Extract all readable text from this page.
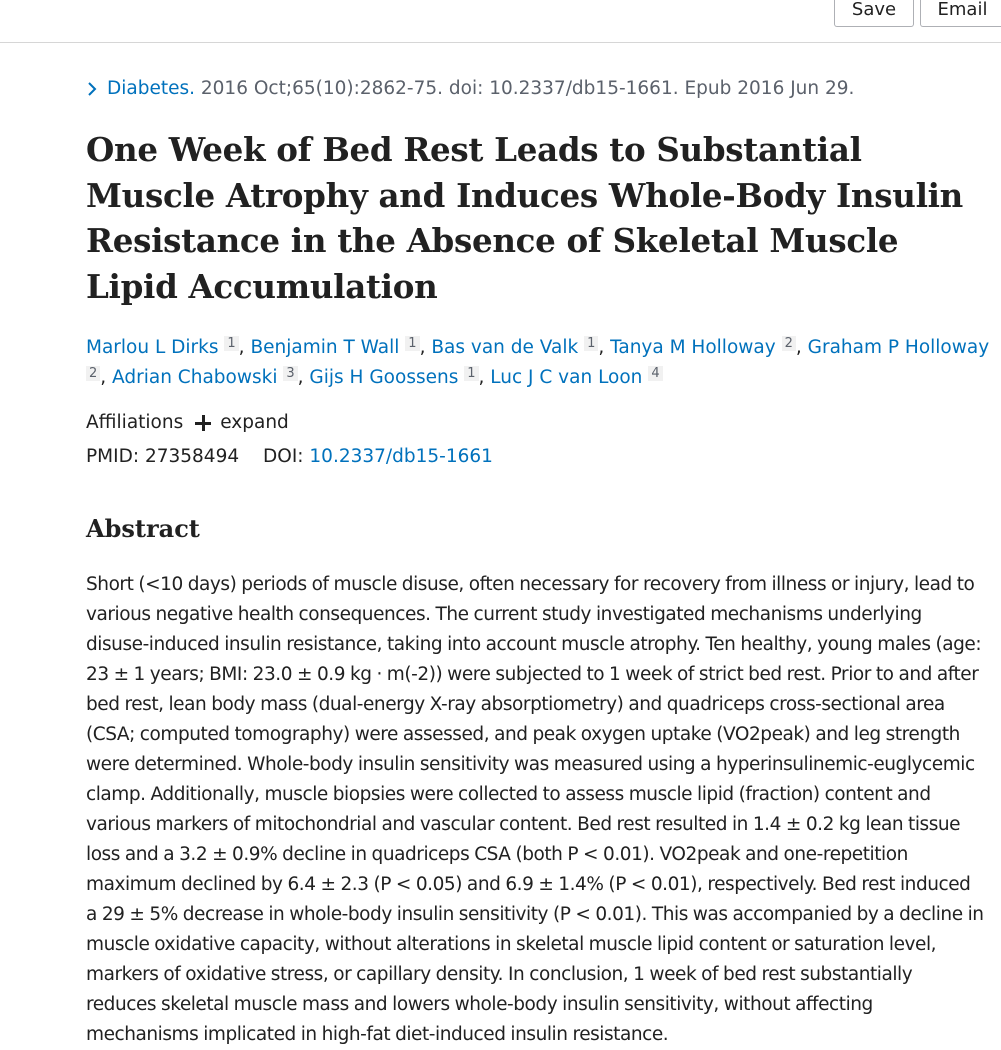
Save	Email
Diabetes. 2016 Oct;65(10):2862-75. doi: 10.2337/db15-1661. Epub 2016 Jun 29.
One Week of Bed Rest Leads to Substantial Muscle Atrophy and Induces Whole-Body Insulin Resistance in the Absence of Skeletal Muscle Lipid Accumulation
Marlou L Dirks $^1$ , Benjamin T Wall $^1$ , Bas van de Valk $^1$ , Tanya M Holloway $^2$ , Graham P Holloway $^2$ , Adrian Chabowski $^3$ , Gijs H Goossens $^1$ , Luc J C van Loon $^4$
Affiliations expand
PMID: 27358494 DOI: 10.2337/db15-1661
Abstract
Short (<10 days) periods of muscle disuse, often necessary for recovery from illness or injury, lead to various negative health consequences. The current study investigated mechanisms underlying disuse-induced insulin resistance, taking into account muscle atrophy. Ten healthy, young males (age: 23 ± 1 years; BMI: 23.0 ± 0.9 kg · m(-2)) were subjected to 1 week of strict bed rest. Prior to and after bed rest, lean body mass (dual-energy X-ray absorptiometry) and quadriceps cross-sectional area (CSA; computed tomography) were assessed, and peak oxygen uptake (VO2peak) and leg strength were determined. Whole-body insulin sensitivity was measured using a hyperinsulinemic-euglycemic clamp. Additionally, muscle biopsies were collected to assess muscle lipid (fraction) content and various markers of mitochondrial and vascular content. Bed rest resulted in 1.4 ± 0.2 kg lean tissue loss and a 3.2 ± 0.9% decline in quadriceps CSA (both P < 0.01). VO2peak and one-repetition maximum declined by 6.4 ± 2.3 (P < 0.05) and 6.9 ± 1.4% (P < 0.01), respectively. Bed rest induced a 29 ± 5% decrease in whole-body insulin sensitivity (P < 0.01). This was accompanied by a decline in muscle oxidative capacity, without alterations in skeletal muscle lipid content or saturation level, markers of oxidative stress, or capillary density. In conclusion, 1 week of bed rest substantially reduces skeletal muscle mass and lowers whole-body insulin sensitivity, without affecting mechanisms implicated in high-fat diet-induced insulin resistance.
